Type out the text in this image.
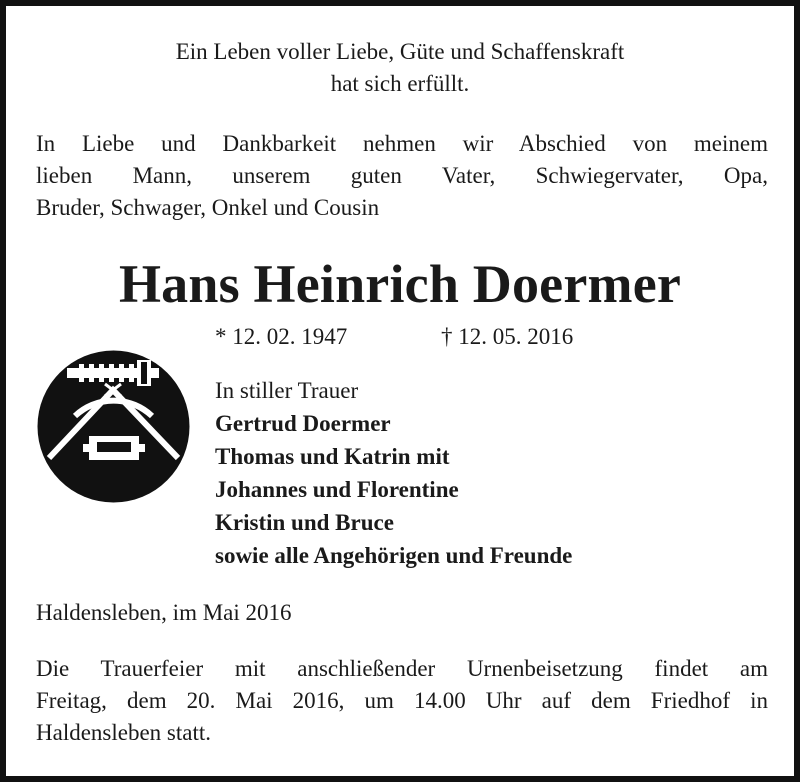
Ein Leben voller Liebe, Güte und Schaffenskraft
hat sich erfüllt.
In Liebe und Dankbarkeit nehmen wir Abschied von meinem
lieben Mann, unserem guten Vater, Schwiegervater, Opa,
Bruder, Schwager, Onkel und Cousin
Hans Heinrich Doermer
* 12. 02. 1947	† 12. 05. 2016
In stiller Trauer
Gertrud Doermer
Thomas und Katrin mit
Johannes und Florentine
Kristin und Bruce
sowie alle Angehörigen und Freunde
Haldensleben, im Mai 2016
Die Trauerfeier mit anschließender Urnenbeisetzung findet am
Freitag, dem 20. Mai 2016, um 14.00 Uhr auf dem Friedhof in
Haldensleben statt.
